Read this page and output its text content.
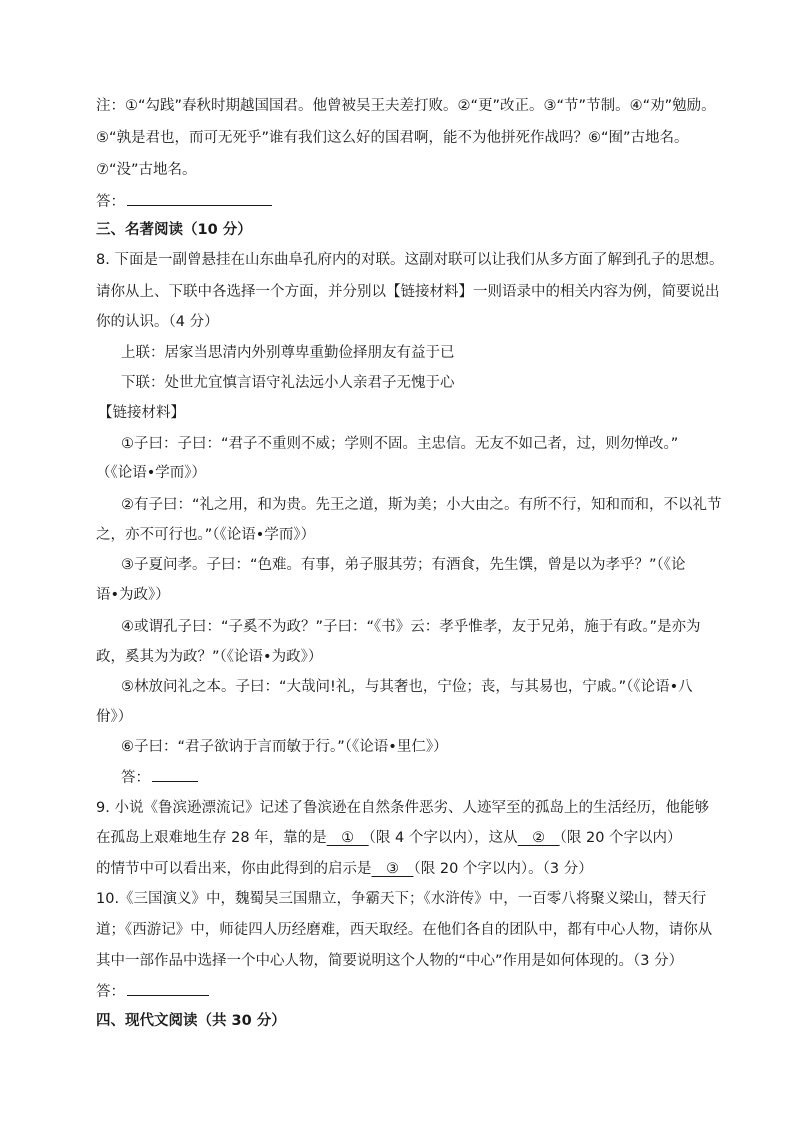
注：①“勾践”春秋时期越国国君。他曾被吴王夫差打败。②“更”改正。③“节”节制。④“劝”勉励。
⑤“孰是君也，而可无死乎”谁有我们这么好的国君啊，能不为他拼死作战吗？⑥“囿”古地名。
⑦“没”古地名。
答：
三、名著阅读（10 分）
8. 下面是一副曾悬挂在山东曲阜孔府内的对联。这副对联可以让我们从多方面了解到孔子的思想。
请你从上、下联中各选择一个方面，并分别以【链接材料】一则语录中的相关内容为例，简要说出
你的认识。（4 分）
上联：居家当思清内外别尊卑重勤俭择朋友有益于已
下联：处世尤宜慎言语守礼法远小人亲君子无愧于心
【链接材料】
①子曰：子曰：“君子不重则不威；学则不固。主忠信。无友不如己者，过，则勿惮改。”
（《论语•学而》）
②有子曰：“礼之用，和为贵。先王之道，斯为美；小大由之。有所不行，知和而和，不以礼节
之，亦不可行也。”（《论语•学而》）
③子夏问孝。子曰：“色难。有事，弟子服其劳；有酒食，先生馔，曾是以为孝乎？”（《论
语•为政》）
④或谓孔子曰：“子奚不为政？”子曰：“《书》云：孝乎惟孝，友于兄弟，施于有政。”是亦为
政，奚其为为政？”（《论语•为政》）
⑤林放问礼之本。子曰：“大哉问!礼，与其奢也，宁俭；丧，与其易也，宁戚。”（《论语•八
佾》）
⑥子曰：“君子欲讷于言而敏于行。”（《论语•里仁》）
答：
9. 小说《鲁滨逊漂流记》记述了鲁滨逊在自然条件恶劣、人迹罕至的孤岛上的生活经历，他能够
在孤岛上艰难地生存 28 年，靠的是　①　（限 4 个字以内），这从　②　（限 20 个字以内）
的情节中可以看出来，你由此得到的启示是　③　（限 20 个字以内）。（3 分）
10.《三国演义》中，魏蜀吴三国鼎立，争霸天下；《水浒传》中，一百零八将聚义梁山，替天行
道；《西游记》中，师徒四人历经磨难，西天取经。在他们各自的团队中，都有中心人物，请你从
其中一部作品中选择一个中心人物，简要说明这个人物的“中心”作用是如何体现的。（3 分）
答：
四、现代文阅读（共 30 分）
